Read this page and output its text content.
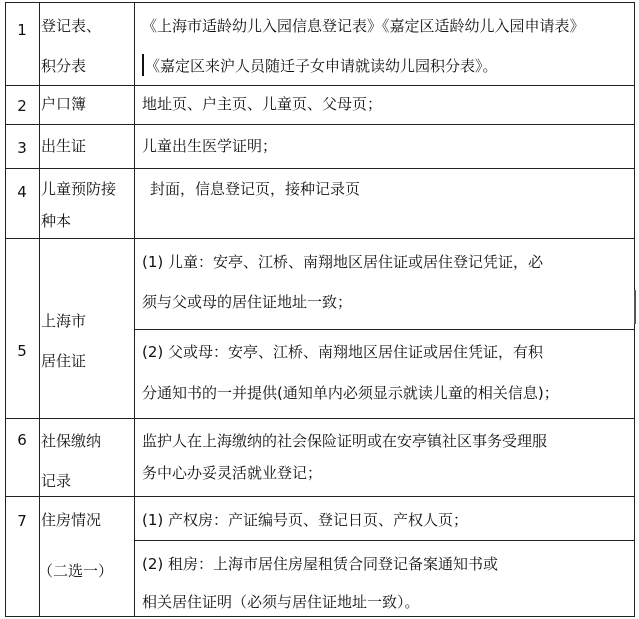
1 登记表、
积分表
《上海市适龄幼儿入园信息登记表》《嘉定区适龄幼儿入园申请表》
《嘉定区来沪人员随迁子女申请就读幼儿园积分表》。
2 户口簿	地址页、户主页、儿童页、父母页；
3 出生证	儿童出生医学证明；
4 儿童预防接
种本
封面，信息登记页，接种记录页
5
上海市
居住证
(1) 儿童：安亭、江桥、南翔地区居住证或居住登记凭证，必
须与父或母的居住证地址一致；
(2) 父或母：安亭、江桥、南翔地区居住证或居住凭证，有积
分通知书的一并提供(通知单内必须显示就读儿童的相关信息)；
6 社保缴纳
记录
监护人在上海缴纳的社会保险证明或在安亭镇社区事务受理服
务中心办妥灵活就业登记；
7 住房情况
（二选一）
(1) 产权房：产证编号页、登记日页、产权人页；
(2) 租房：上海市居住房屋租赁合同登记备案通知书或
相关居住证明（必须与居住证地址一致）。
